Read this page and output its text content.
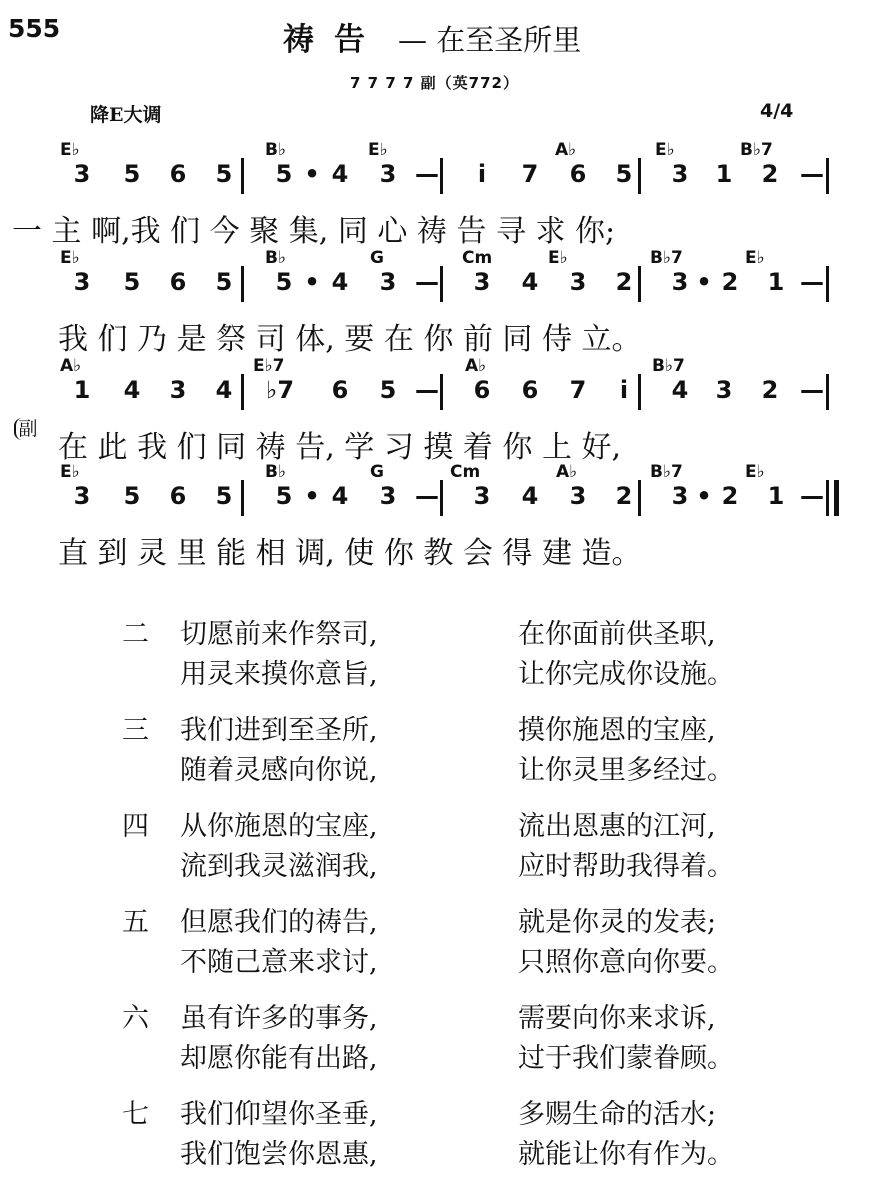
555	祷告 — 在至圣所里
7 7 7 7 副（英772）
降E大调	4/4
副
E♭	B♭	E♭	A♭	E♭	B♭7
3 5 6 5 5 • 4 3 —	i	7 6 5 3 1 2 —
一 主 啊,我 们 今 聚 集, 同 心 祷 告 寻 求 你;
E♭	B♭	G	Cm	E♭	B♭7	E♭
3 5 6 5 5 • 4 3 — 3 4 3 2 3 • 2 1 —
我 们 乃 是 祭 司 体, 要 在 你 前 同 侍 立。
A♭	E♭7	A♭	B♭7
1 4 3 4 ♭7 6 5 — 6 6 7	i	4 3 2 —
在 此 我 们 同 祷 告, 学 习 摸 着 你 上 好,
E♭	B♭	G	Cm	A♭	B♭7	E♭
3 5 6 5 5 • 4 3 — 3 4 3 2 3 • 2 1 —
直 到 灵 里 能 相 调, 使 你 教 会 得 建 造。
二 切愿前来作祭司,	在你面前供圣职,
用灵来摸你意旨,	让你完成你设施。
三 我们进到至圣所,	摸你施恩的宝座,
随着灵感向你说,	让你灵里多经过。
四 从你施恩的宝座,	流出恩惠的江河,
流到我灵滋润我,	应时帮助我得着。
五 但愿我们的祷告,	就是你灵的发表;
不随己意来求讨,	只照你意向你要。
六 虽有许多的事务,	需要向你来求诉,
却愿你能有出路,	过于我们蒙眷顾。
七 我们仰望你圣垂,	多赐生命的活水;
我们饱尝你恩惠,	就能让你有作为。
